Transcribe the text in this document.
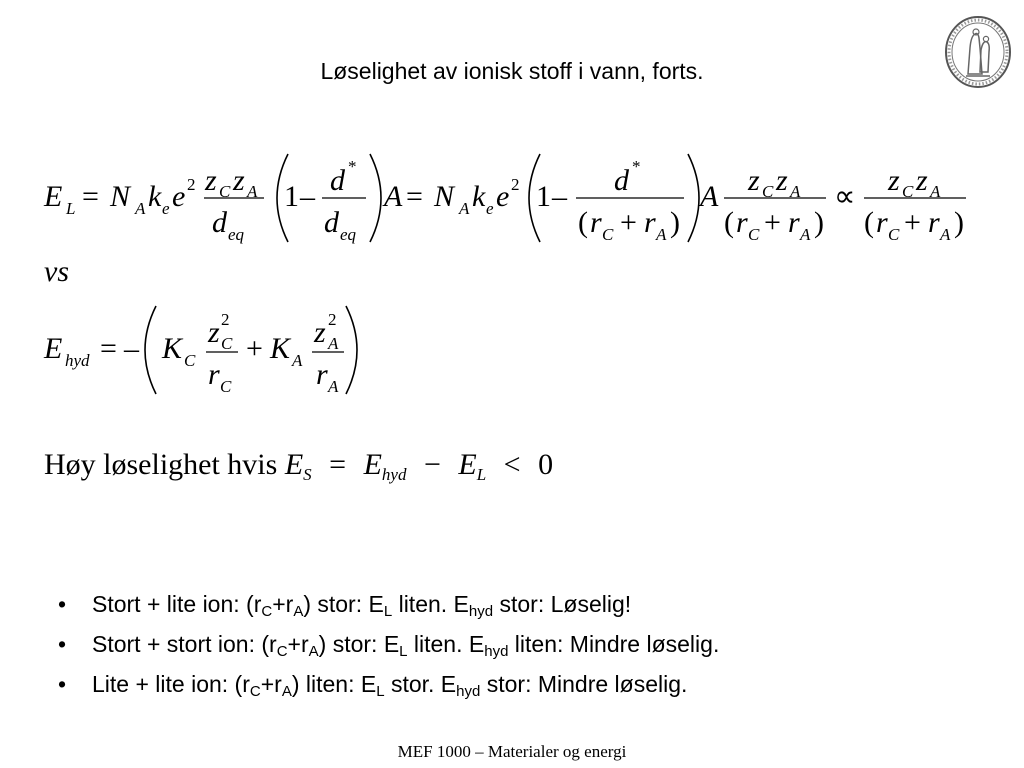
Løselighet av ionisk stoff i vann, forts.
E L = N A k e e 2 z C z A
d eq
1 – d *
d eq
A = N A k e e 2 1 – d *
( r C + r A )
A z C z A
( r C + r A )
∝ z C z A
( r C + r A )
E hyd = – K C
z 2
C
r C
+ K A
z 2
A
r A
vs
Høy løselighet hvis $E_S = E_{hyd} - E_L < 0$
• Stort + lite ion: $(r_C+r_A)$ stor: $E_L$ liten. $E_{hyd}$ stor: Løselig!
• Stort + stort ion: $(r_C+r_A)$ stor: $E_L$ liten. $E_{hyd}$ liten: Mindre løselig.
• Lite + lite ion: $(r_C+r_A)$ liten: $E_L$ stor. $E_{hyd}$ stor: Mindre løselig.
MEF 1000 – Materialer og energi
